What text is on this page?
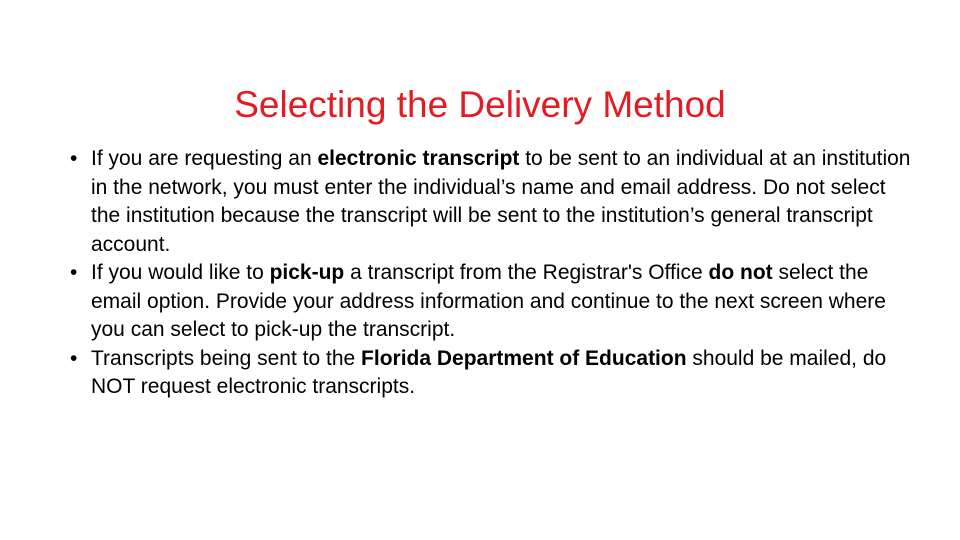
Selecting the Delivery Method
• If you are requesting an electronic transcript to be sent to an individual at an institution in the network, you must enter the individual’s name and email address. Do not select the institution because the transcript will be sent to the institution’s general transcript account.
• If you would like to pick-up a transcript from the Registrar's Office do not select the email option. Provide your address information and continue to the next screen where you can select to pick-up the transcript.
• Transcripts being sent to the Florida Department of Education should be mailed, do NOT request electronic transcripts.
